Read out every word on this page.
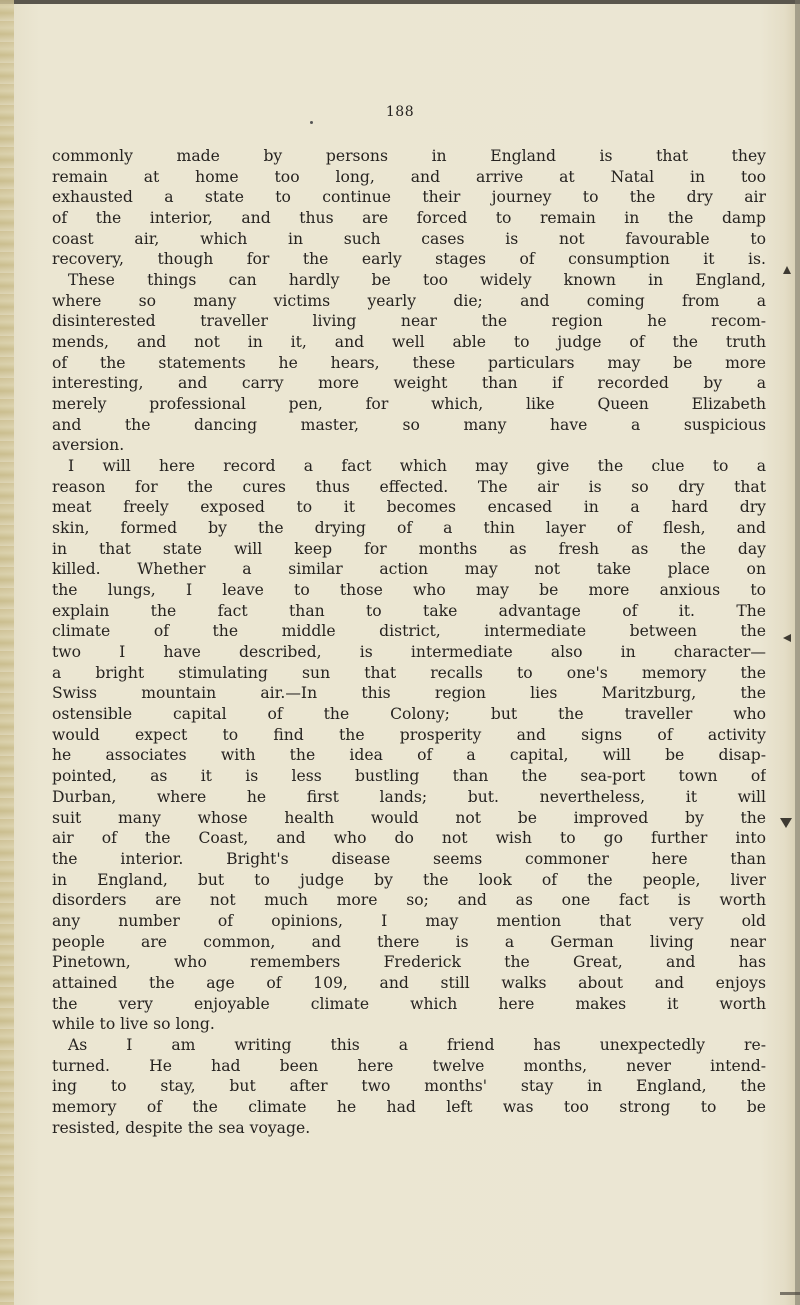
188
commonly made by persons in England is that they
remain at home too long, and arrive at Natal in too
exhausted a state to continue their journey to the dry air
of the interior, and thus are forced to remain in the damp
coast air, which in such cases is not favourable to
recovery, though for the early stages of consumption it is.
These things can hardly be too widely known in England,
where so many victims yearly die; and coming from a
disinterested traveller living near the region he recom-
mends, and not in it, and well able to judge of the truth
of the statements he hears, these particulars may be more
interesting, and carry more weight than if recorded by a
merely professional pen, for which, like Queen Elizabeth
and the dancing master, so many have a suspicious
aversion.
I will here record a fact which may give the clue to a
reason for the cures thus effected. The air is so dry that
meat freely exposed to it becomes encased in a hard dry
skin, formed by the drying of a thin layer of flesh, and
in that state will keep for months as fresh as the day
killed. Whether a similar action may not take place on
the lungs, I leave to those who may be more anxious to
explain the fact than to take advantage of it. The
climate of the middle district, intermediate between the
two I have described, is intermediate also in character—
a bright stimulating sun that recalls to one's memory the
Swiss mountain air.—In this region lies Maritzburg, the
ostensible capital of the Colony; but the traveller who
would expect to find the prosperity and signs of activity
he associates with the idea of a capital, will be disap-
pointed, as it is less bustling than the sea-port town of
Durban, where he first lands; but. nevertheless, it will
suit many whose health would not be improved by the
air of the Coast, and who do not wish to go further into
the interior. Bright's disease seems commoner here than
in England, but to judge by the look of the people, liver
disorders are not much more so; and as one fact is worth
any number of opinions, I may mention that very old
people are common, and there is a German living near
Pinetown, who remembers Frederick the Great, and has
attained the age of 109, and still walks about and enjoys
the very enjoyable climate which here makes it worth
while to live so long.
As I am writing this a friend has unexpectedly re-
turned. He had been here twelve months, never intend-
ing to stay, but after two months' stay in England, the
memory of the climate he had left was too strong to be
resisted, despite the sea voyage.
